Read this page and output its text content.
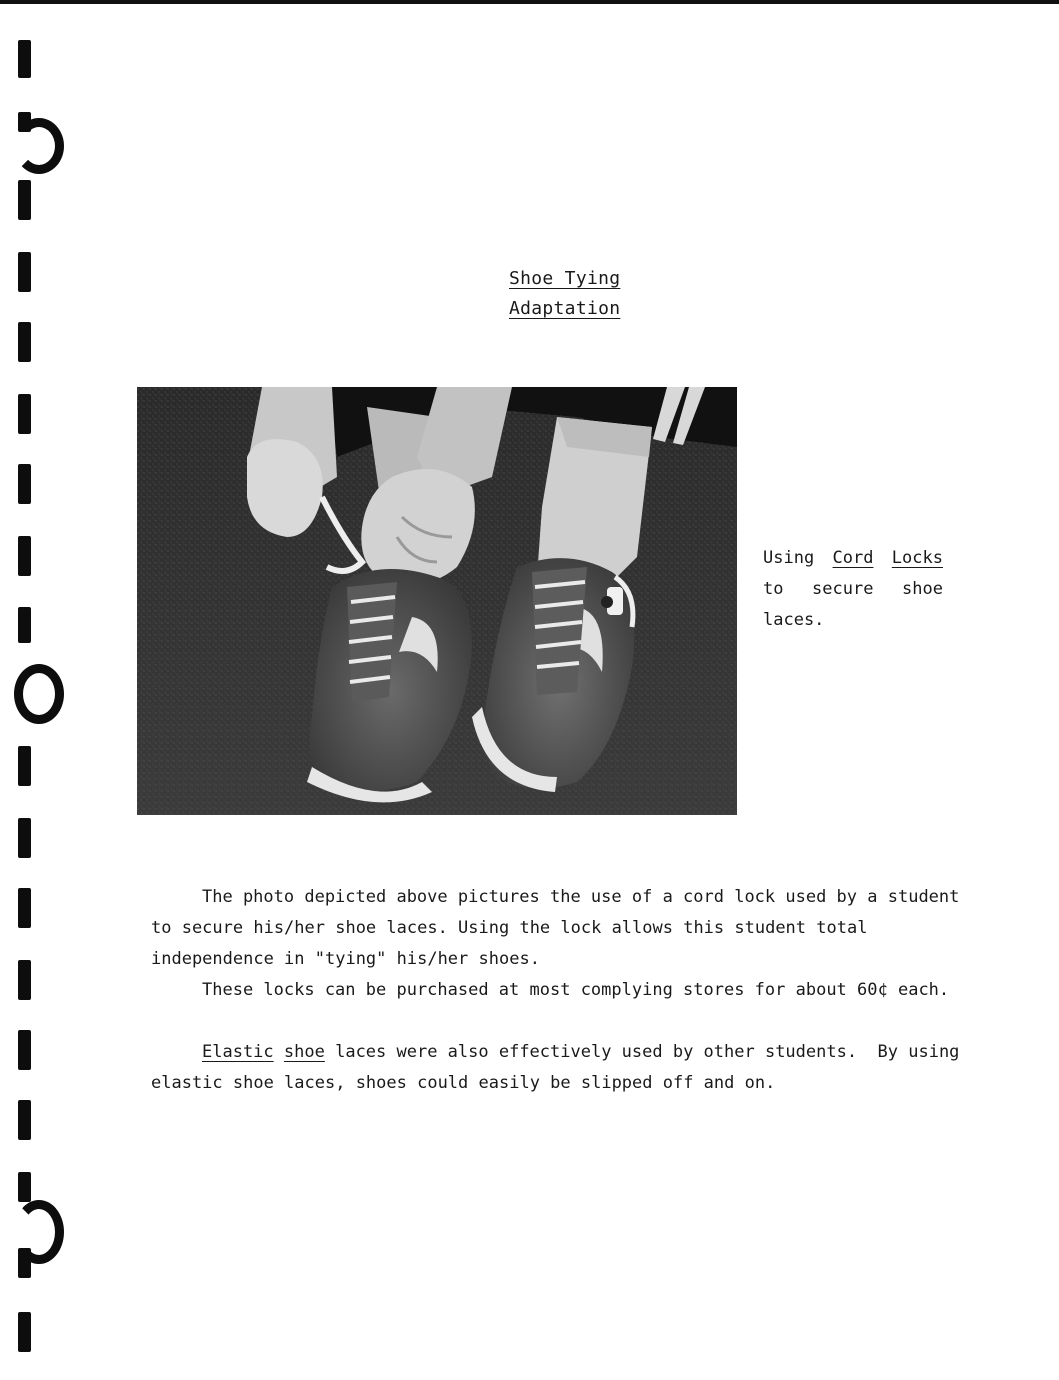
Shoe Tying
Adaptation
Using Cord Locks
to secure shoe
laces.
The photo depicted above pictures the use of a cord lock used by a student
to secure his/her shoe laces. Using the lock allows this student total
independence in "tying" his/her shoes.
These locks can be purchased at most complying stores for about 60¢ each.
Elastic shoe laces were also effectively used by other students.  By using
elastic shoe laces, shoes could easily be slipped off and on.
